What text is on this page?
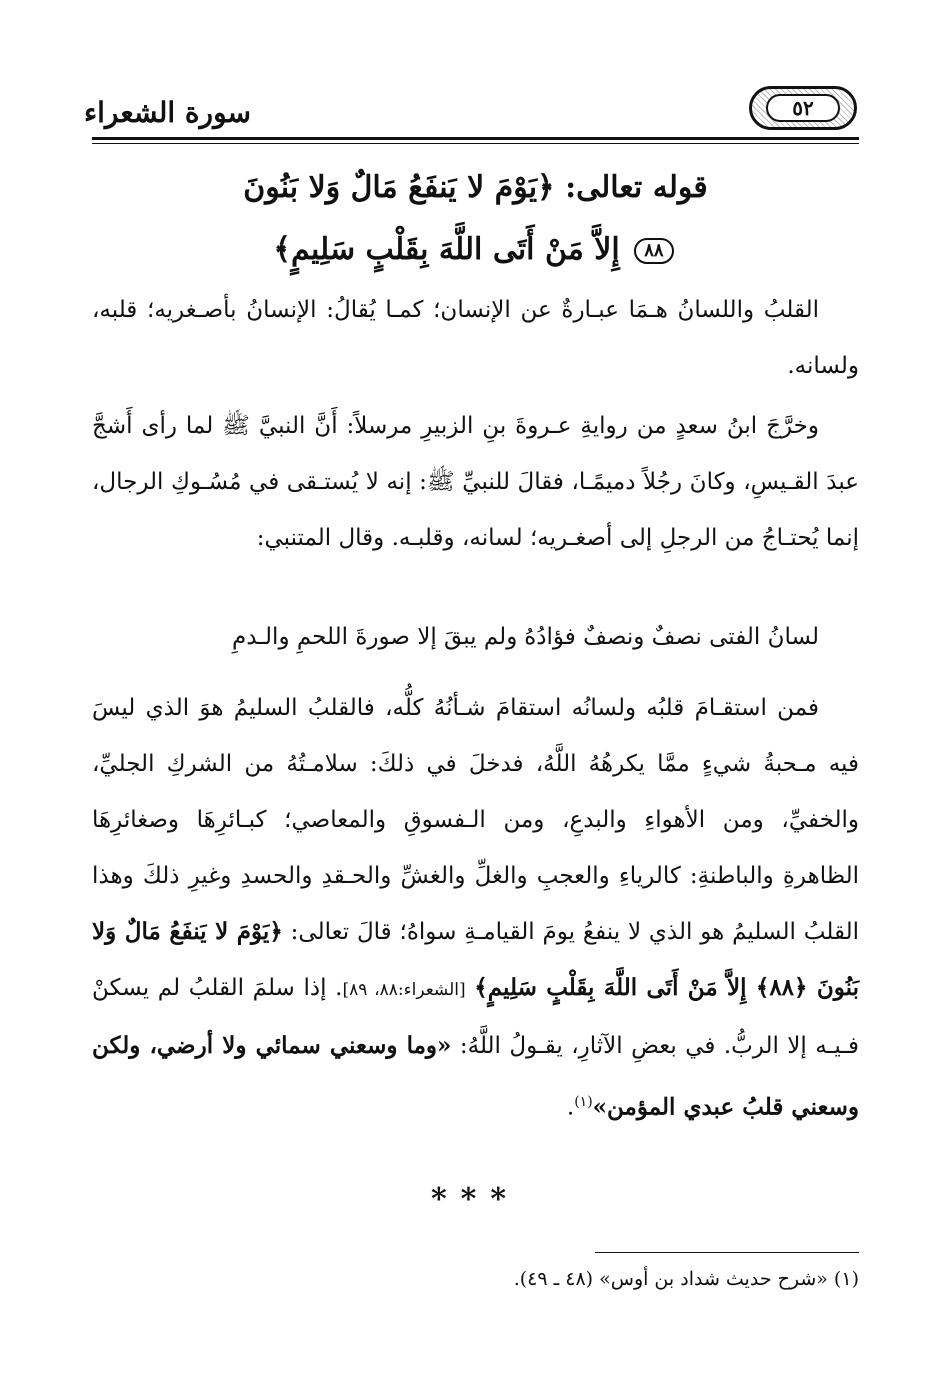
سورة الشعراء	٥٢
قوله تعالى: ﴿يَوْمَ لا يَنفَعُ مَالٌ وَلا بَنُونَ
٨٨ إِلاَّ مَنْ أَتَى اللَّهَ بِقَلْبٍ سَلِيمٍ﴾
القلبُ واللسانُ هـمَا عبـارةٌ عن الإنسان؛ كمـا يُقالُ: الإنسانُ بأصـغريه؛ قلبه، ولسانه.
وخرَّجَ ابنُ سعدٍ من روايةِ عـروةَ بنِ الزبيرِ مرسلاً: أَنَّ النبيَّ ﷺ لما رأى أَشجَّ عبدَ القـيسِ، وكانَ رجُلاً دميمًـا، فقالَ للنبيِّ ﷺ: إنه لا يُستـقى في مُسُـوكِ الرجال، إنما يُحتـاجُ من الرجلِ إلى أصغـريه؛ لسانه، وقلبـه. وقال المتنبي:
لسانُ الفتى نصفٌ ونصفٌ فؤادُهُ
ولم يبقَ إلا صورةَ اللحمِ والـدمِ
فمن استقـامَ قلبُه ولسانُه استقامَ شـأنُهُ كلُّه، فالقلبُ السليمُ هوَ الذي ليسَ فيه مـحبةُ شيءٍ ممَّا يكرهُهُ اللَّهُ، فدخلَ في ذلكَ: سلامـتُهُ من الشركِ الجليِّ، والخفيِّ، ومن الأهواءِ والبدعِ، ومن الـفسوقِ والمعاصي؛ كبـائرِهَا وصغائرِهَا الظاهرةِ والباطنةِ: كالرياءِ والعجبِ والغلِّ والغشِّ والحـقدِ والحسدِ وغيرِ ذلكَ وهذا القلبُ السليمُ هو الذي لا ينفعُ يومَ القيامـةِ سواهُ؛ قالَ تعالى: ﴿يَوْمَ لا يَنفَعُ مَالٌ وَلا بَنُونَ ﴿٨٨﴾ إِلاَّ مَنْ أَتَى اللَّهَ بِقَلْبٍ سَلِيمٍ﴾ [الشعراء:٨٨، ٨٩]. إذا سلمَ القلبُ لم يسكنْ فـيـه إلا الربُّ. في بعضِ الآثارِ، يقـولُ اللَّهُ: «وما وسعني سمائي ولا أرضي، ولكن وسعني قلبُ عبدي المؤمن»$^{(١)}$.
***
(١) «شرح حديث شداد بن أوس» (٤٨ ـ ٤٩).
